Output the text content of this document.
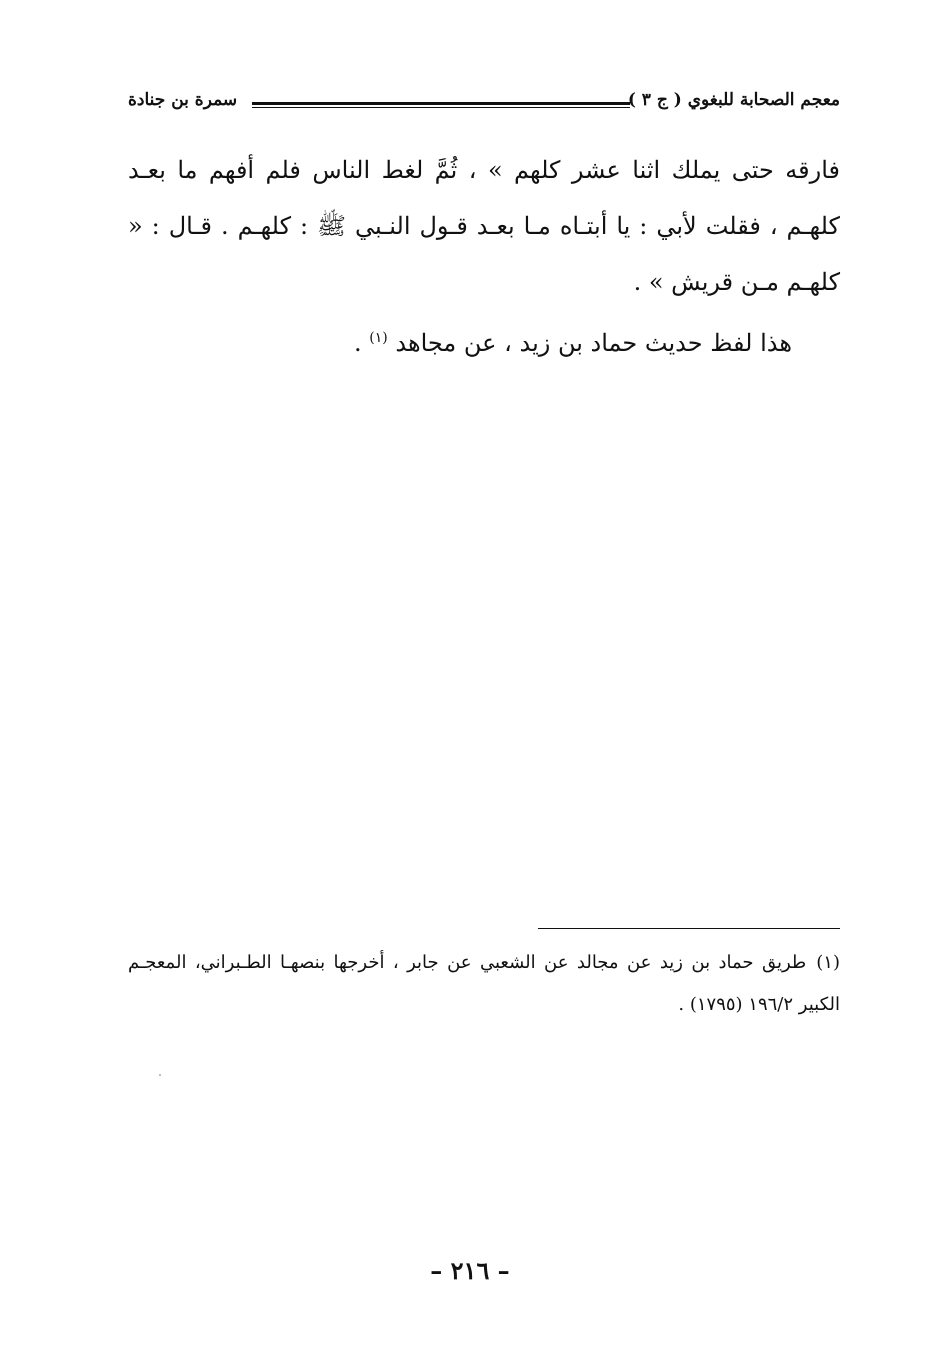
معجم الصحابة للبغوي ( ج ٣ )
سمرة بن جنادة

فارقه حتى يملك اثنا عشر كلهم » ، ثُمَّ لغط الناس فلم أفهم ما بعـد كلهـم ، فقلت لأبي : يا أبتـاه مـا بعـد قـول النـبي ﷺ : كلهـم . قـال : « كلهـم مـن قريش » .

هذا لفظ حديث حماد بن زيد ، عن مجاهد $^{(١)}$ .

(١)طريق حماد بن زيد عن مجالد عن الشعبي عن جابر ، أخرجها بنصهـا الطـبراني، المعجـم الكبير ١٩٦/٢ (١٧٩٥) .

– ٢١٦ –
